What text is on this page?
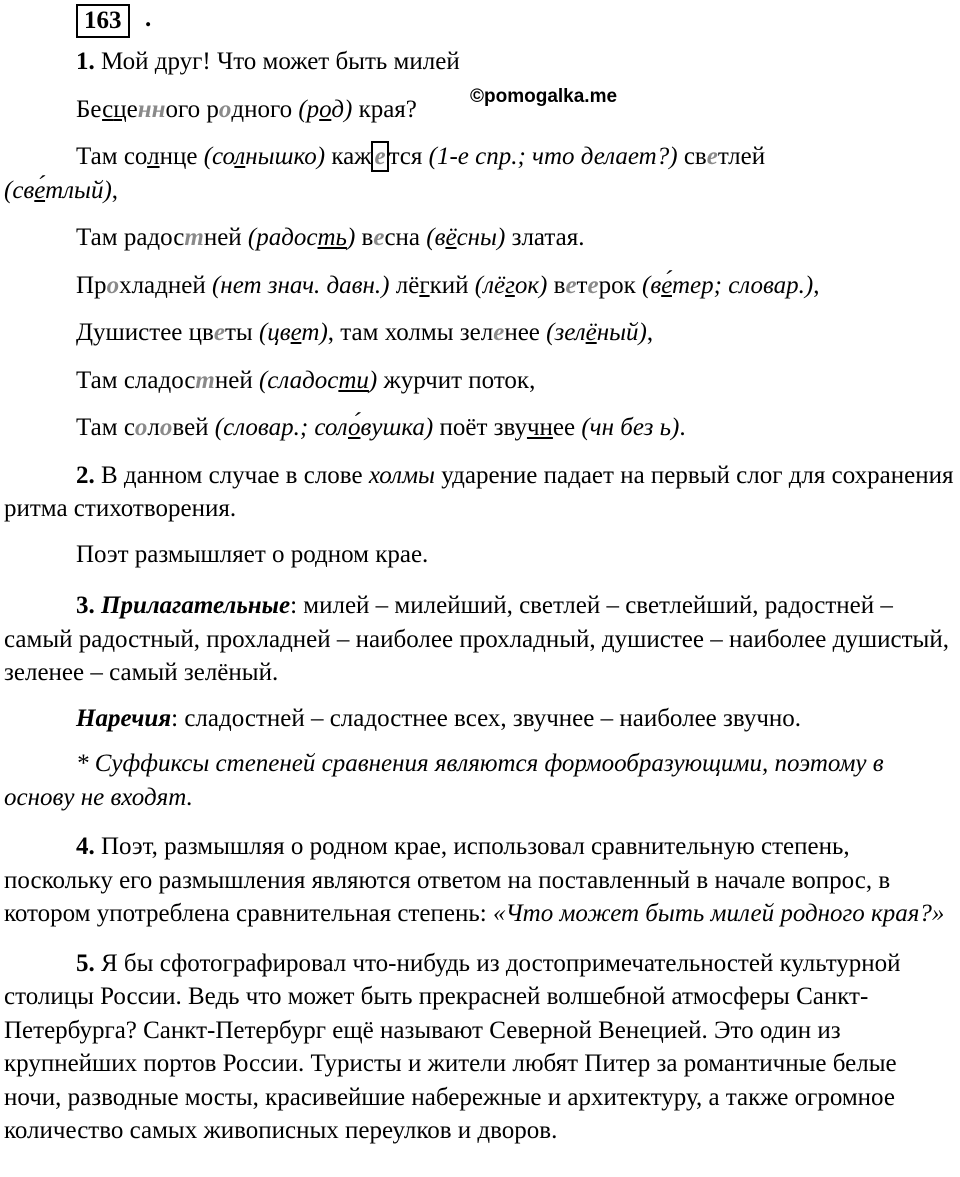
163 .
©pomogalka.me
1. Мой друг! Что может быть милей
Бесценного родного (род) края?
Там солнце (солнышко) каж е тся (1-е спр.; что делает?) светлей
(све́тлый),
Там радостней (радость) весна (вёсны) златая.
Прохладней (нет знач. давн.) лёгкий (лёгок) ветерок (ве́тер; словар.),
Душистее цветы (цвет), там холмы зеленее (зелёный),
Там сладостней (сладости) журчит поток,
Там соловей (словар.; соло́вушка) поёт звучнее (чн без ь).

2. В данном случае в слове холмы ударение падает на первый слог для сохранения ритма стихотворения.

Поэт размышляет о родном крае.

3. Прилагательные: милей – милейший, светлей – светлейший, радостней – самый радостный, прохладней – наиболее прохладный, душистее – наиболее душистый, зеленее – самый зелёный.

Наречия: сладостней – сладостнее всех, звучнее – наиболее звучно.

* Суффиксы степеней сравнения являются формообразующими, поэтому в основу не входят.

4. Поэт, размышляя о родном крае, использовал сравнительную степень, поскольку его размышления являются ответом на поставленный в начале вопрос, в котором употреблена сравнительная степень: «Что может быть милей родного края?»

5. Я бы сфотографировал что-нибудь из достопримечательностей культурной столицы России. Ведь что может быть прекрасней волшебной атмосферы Санкт-Петербурга? Санкт-Петербург ещё называют Северной Венецией. Это один из крупнейших портов России. Туристы и жители любят Питер за романтичные белые ночи, разводные мосты, красивейшие набережные и архитектуру, а также огромное количество самых живописных переулков и дворов.
